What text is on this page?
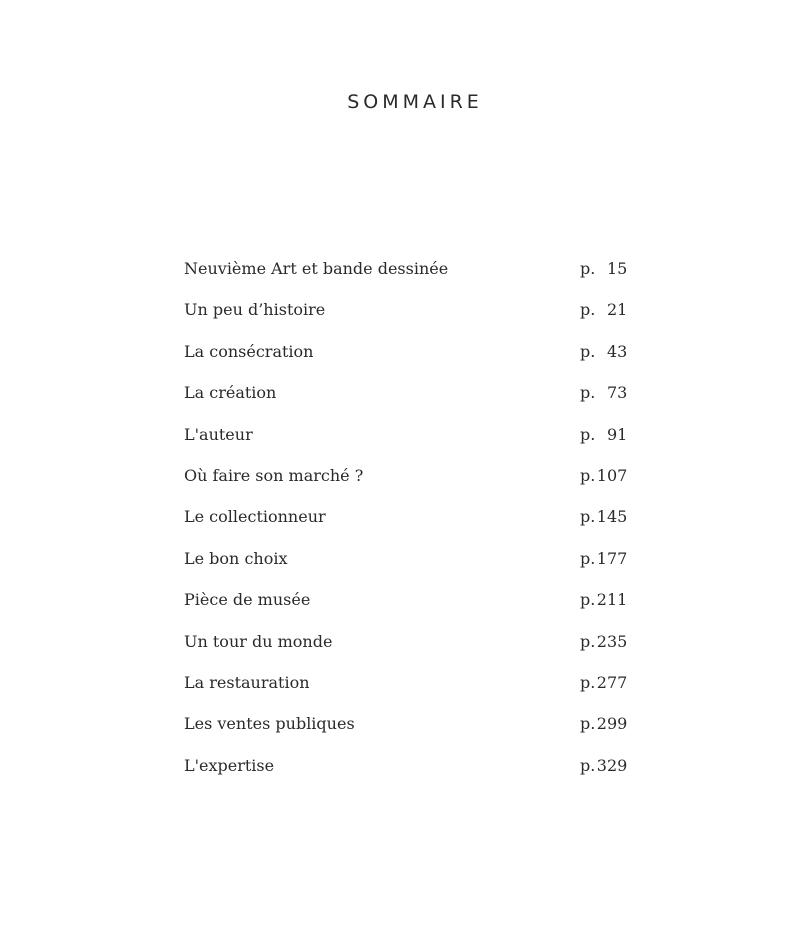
SOMMAIRE
Neuvième Art et bande dessinée	p. 15
Un peu d’histoire	p. 21
La consécration	p. 43
La création	p. 73
L'auteur	p. 91
Où faire son marché ?	p.107
Le collectionneur	p.145
Le bon choix	p.177
Pièce de musée	p.211
Un tour du monde	p.235
La restauration	p.277
Les ventes publiques	p.299
L'expertise	p.329
